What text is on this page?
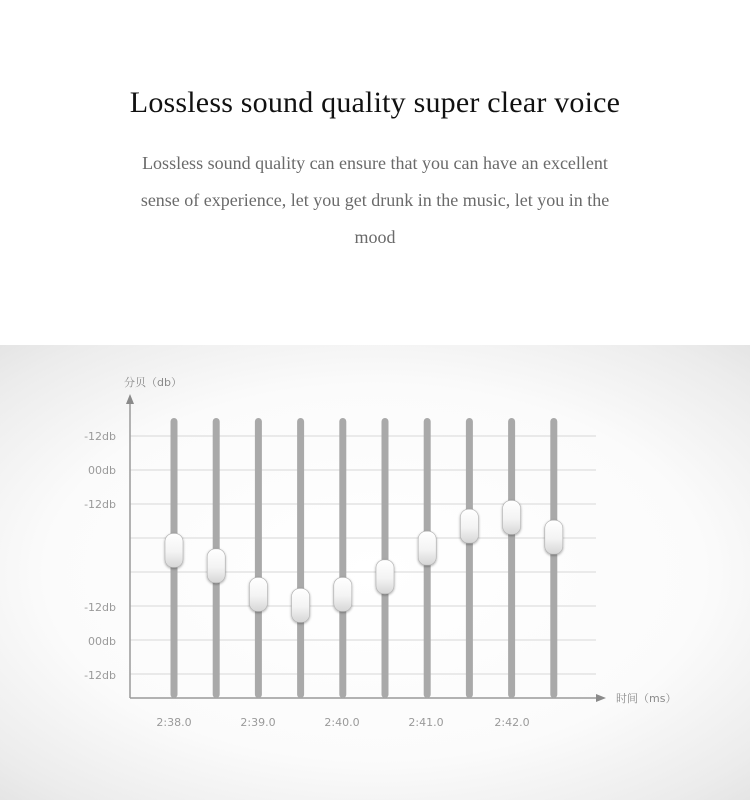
Lossless sound quality super clear voice

Lossless sound quality can ensure that you can have an excellent sense of experience, let you get drunk in the music, let you in the mood

分贝（db）
时间（ms）
-12db
00db
-12db
-12db
00db
-12db
2:38.0	2:39.0	2:40.0	2:41.0	2:42.0
